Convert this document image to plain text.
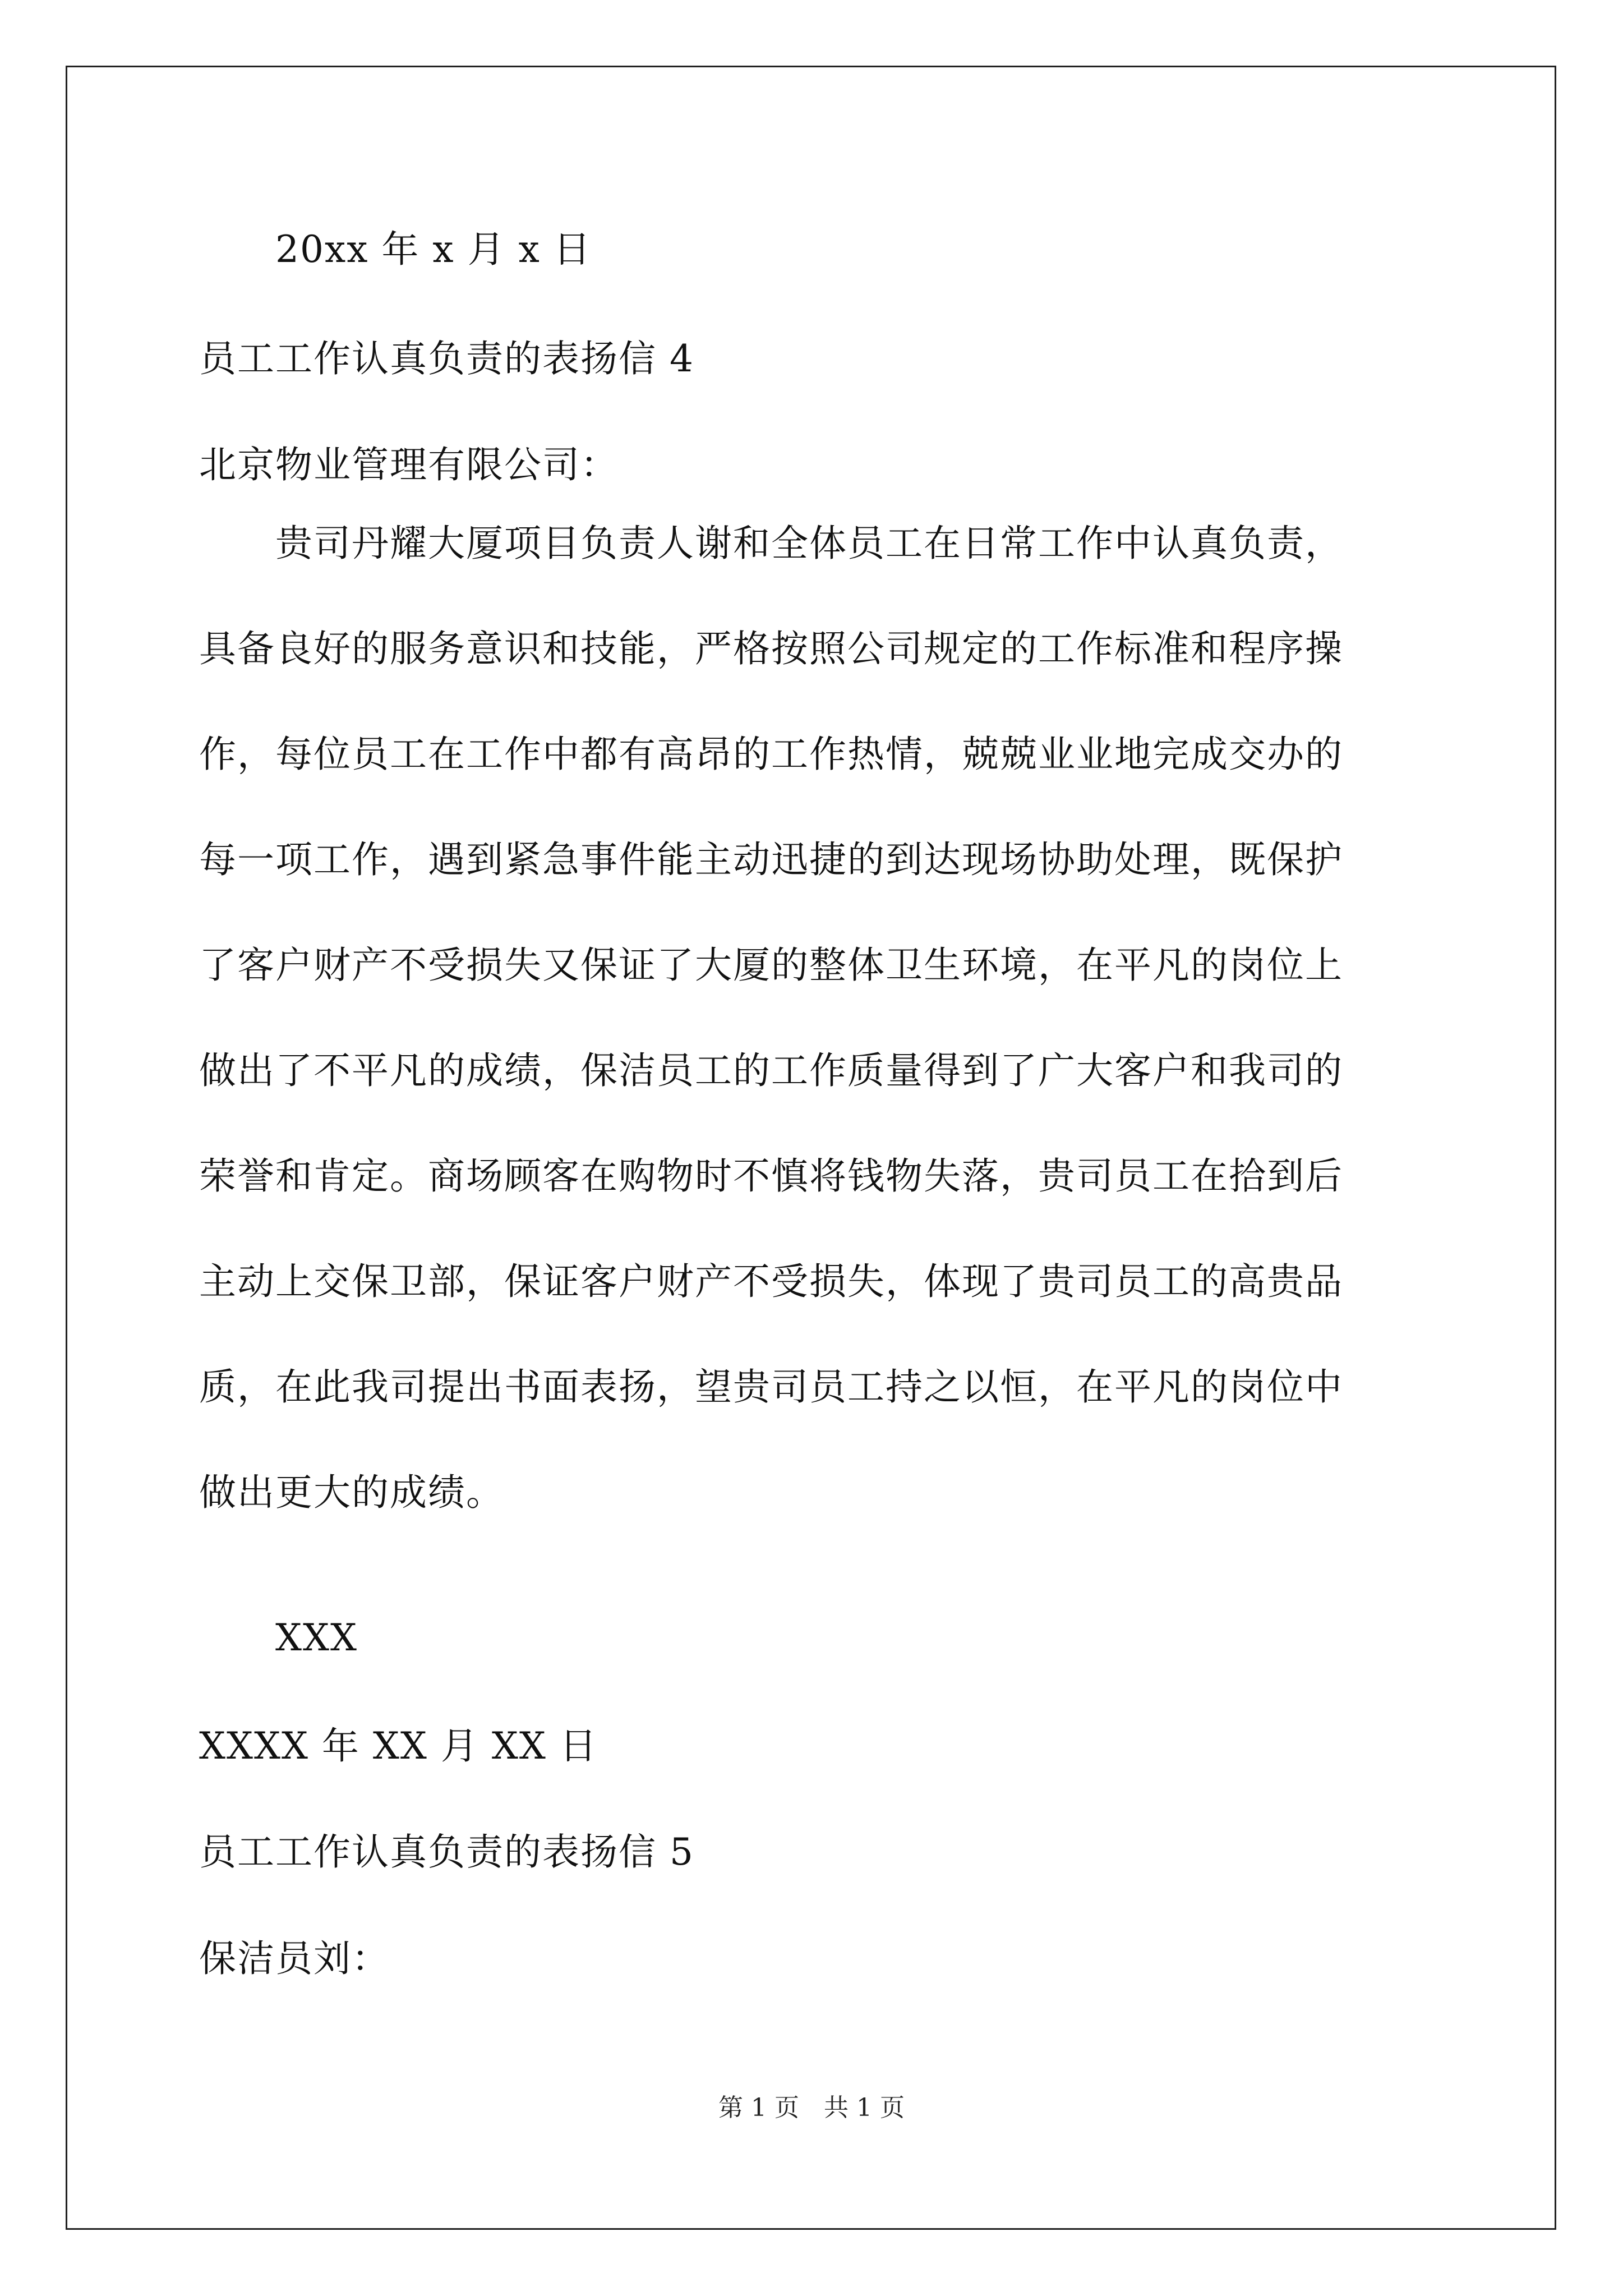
20xx 年 x 月 x 日
员工工作认真负责的表扬信 4
北京物业管理有限公司：
贵司丹耀大厦项目负责人谢和全体员工在日常工作中认真负责，
具备良好的服务意识和技能，严格按照公司规定的工作标准和程序操
作，每位员工在工作中都有高昂的工作热情，兢兢业业地完成交办的
每一项工作，遇到紧急事件能主动迅捷的到达现场协助处理，既保护
了客户财产不受损失又保证了大厦的整体卫生环境，在平凡的岗位上
做出了不平凡的成绩，保洁员工的工作质量得到了广大客户和我司的
荣誉和肯定。商场顾客在购物时不慎将钱物失落，贵司员工在拾到后
主动上交保卫部，保证客户财产不受损失，体现了贵司员工的高贵品
质，在此我司提出书面表扬，望贵司员工持之以恒，在平凡的岗位中
做出更大的成绩。
XXX
XXXX 年 XX 月 XX 日
员工工作认真负责的表扬信 5
保洁员刘：
第 1 页　共 1 页
